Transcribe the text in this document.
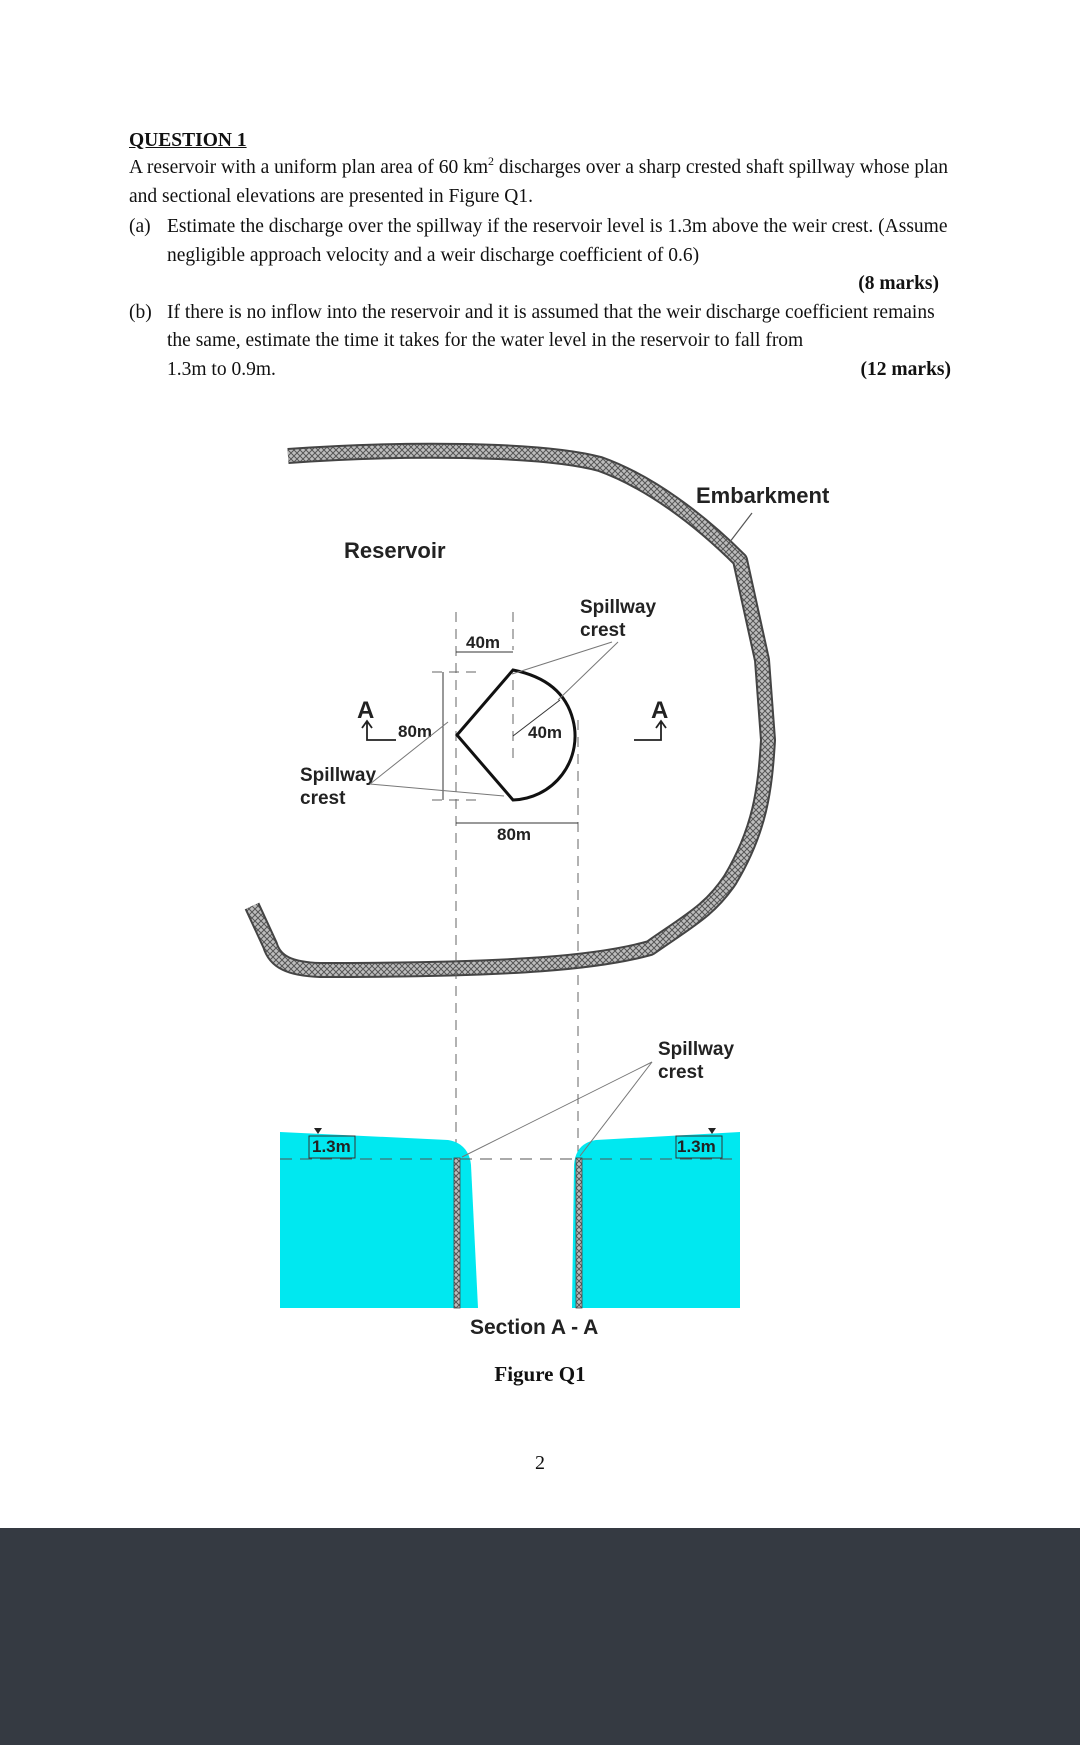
QUESTION 1
A reservoir with a uniform plan area of 60 $km^2$ discharges over a sharp crested shaft spillway whose plan and sectional elevations are presented in Figure Q1.
(a) Estimate the discharge over the spillway if the reservoir level is 1.3m above the weir crest. (Assume negligible approach velocity and a weir discharge coefficient of 0.6)
(8 marks)
(b) If there is no inflow into the reservoir and it is assumed that the weir discharge coefficient remains the same, estimate the time it takes for the water level in the reservoir to fall from
1.3m to 0.9m.	(12 marks)
Embarkment
Reservoir
40m
80m	40m
80m
A	A
Spillway
crest
Spillway
crest
1.3m	1.3m
Spillway
crest
Section A - A
Figure Q1
2
